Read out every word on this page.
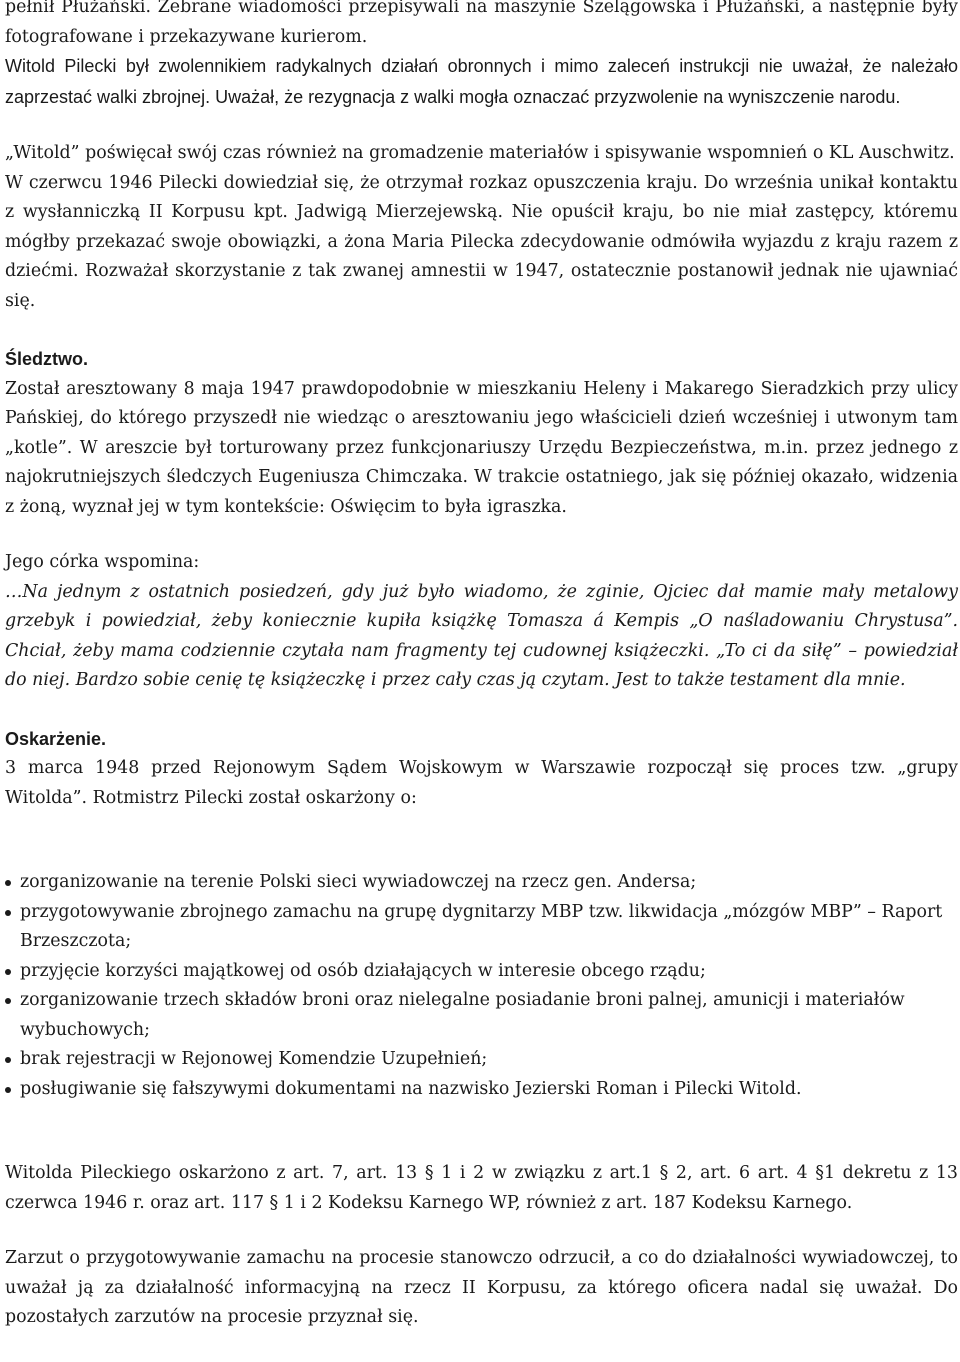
pełnił Płużański. Zebrane wiadomości przepisywali na maszynie Szelągowska i Płużański, a następnie były fotografowane i przekazywane kurierom.
Witold Pilecki był zwolennikiem radykalnych działań obronnych i mimo zaleceń instrukcji nie uważał, że należało zaprzestać walki zbrojnej. Uważał, że rezygnacja z walki mogła oznaczać przyzwolenie na wyniszczenie narodu.

„Witold” poświęcał swój czas również na gromadzenie materiałów i spisywanie wspomnień o KL Auschwitz.

W czerwcu 1946 Pilecki dowiedział się, że otrzymał rozkaz opuszczenia kraju. Do września unikał kontaktu z wysłanniczką II Korpusu kpt. Jadwigą Mierzejewską. Nie opuścił kraju, bo nie miał zastępcy, któremu mógłby przekazać swoje obowiązki, a żona Maria Pilecka zdecydowanie odmówiła wyjazdu z kraju razem z dziećmi. Rozważał skorzystanie z tak zwanej amnestii w 1947, ostatecznie postanowił jednak nie ujawniać się.

Śledztwo.

Został aresztowany 8 maja 1947 prawdopodobnie w mieszkaniu Heleny i Makarego Sieradzkich przy ulicy Pańskiej, do którego przyszedł nie wiedząc o aresztowaniu jego właścicieli dzień wcześniej i utwonym tam „kotle”. W areszcie był torturowany przez funkcjonariuszy Urzędu Bezpieczeństwa, m.in. przez jednego z najokrutniejszych śledczych Eugeniusza Chimczaka. W trakcie ostatniego, jak się później okazało, widzenia z żoną, wyznał jej w tym kontekście: Oświęcim to była igraszka.

Jego córka wspomina:

…Na jednym z ostatnich posiedzeń, gdy już było wiadomo, że zginie, Ojciec dał mamie mały metalowy grzebyk i powiedział, żeby koniecznie kupiła książkę Tomasza á Kempis „O naśladowaniu Chrystusa”. Chciał, żeby mama codziennie czytała nam fragmenty tej cudownej książeczki. „To ci da siłę” – powiedział do niej. Bardzo sobie cenię tę książeczkę i przez cały czas ją czytam. Jest to także testament dla mnie.

Oskarżenie.

3 marca 1948 przed Rejonowym Sądem Wojskowym w Warszawie rozpoczął się proces tzw. „grupy Witolda”. Rotmistrz Pilecki został oskarżony o:

zorganizowanie na terenie Polski sieci wywiadowczej na rzecz gen. Andersa;
przygotowywanie zbrojnego zamachu na grupę dygnitarzy MBP tzw. likwidacja „mózgów MBP” – Raport Brzeszczota;
przyjęcie korzyści majątkowej od osób działających w interesie obcego rządu;
zorganizowanie trzech składów broni oraz nielegalne posiadanie broni palnej, amunicji i materiałów wybuchowych;
brak rejestracji w Rejonowej Komendzie Uzupełnień;
posługiwanie się fałszywymi dokumentami na nazwisko Jezierski Roman i Pilecki Witold.

Witolda Pileckiego oskarżono z art. 7, art. 13 § 1 i 2 w związku z art.1 § 2, art. 6 art. 4 §1 dekretu z 13 czerwca 1946 r. oraz art. 117 § 1 i 2 Kodeksu Karnego WP, również z art. 187 Kodeksu Karnego.

Zarzut o przygotowywanie zamachu na procesie stanowczo odrzucił, a co do działalności wywiadowczej, to uważał ją za działalność informacyjną na rzecz II Korpusu, za którego oficera nadal się uważał. Do pozostałych zarzutów na procesie przyznał się.
